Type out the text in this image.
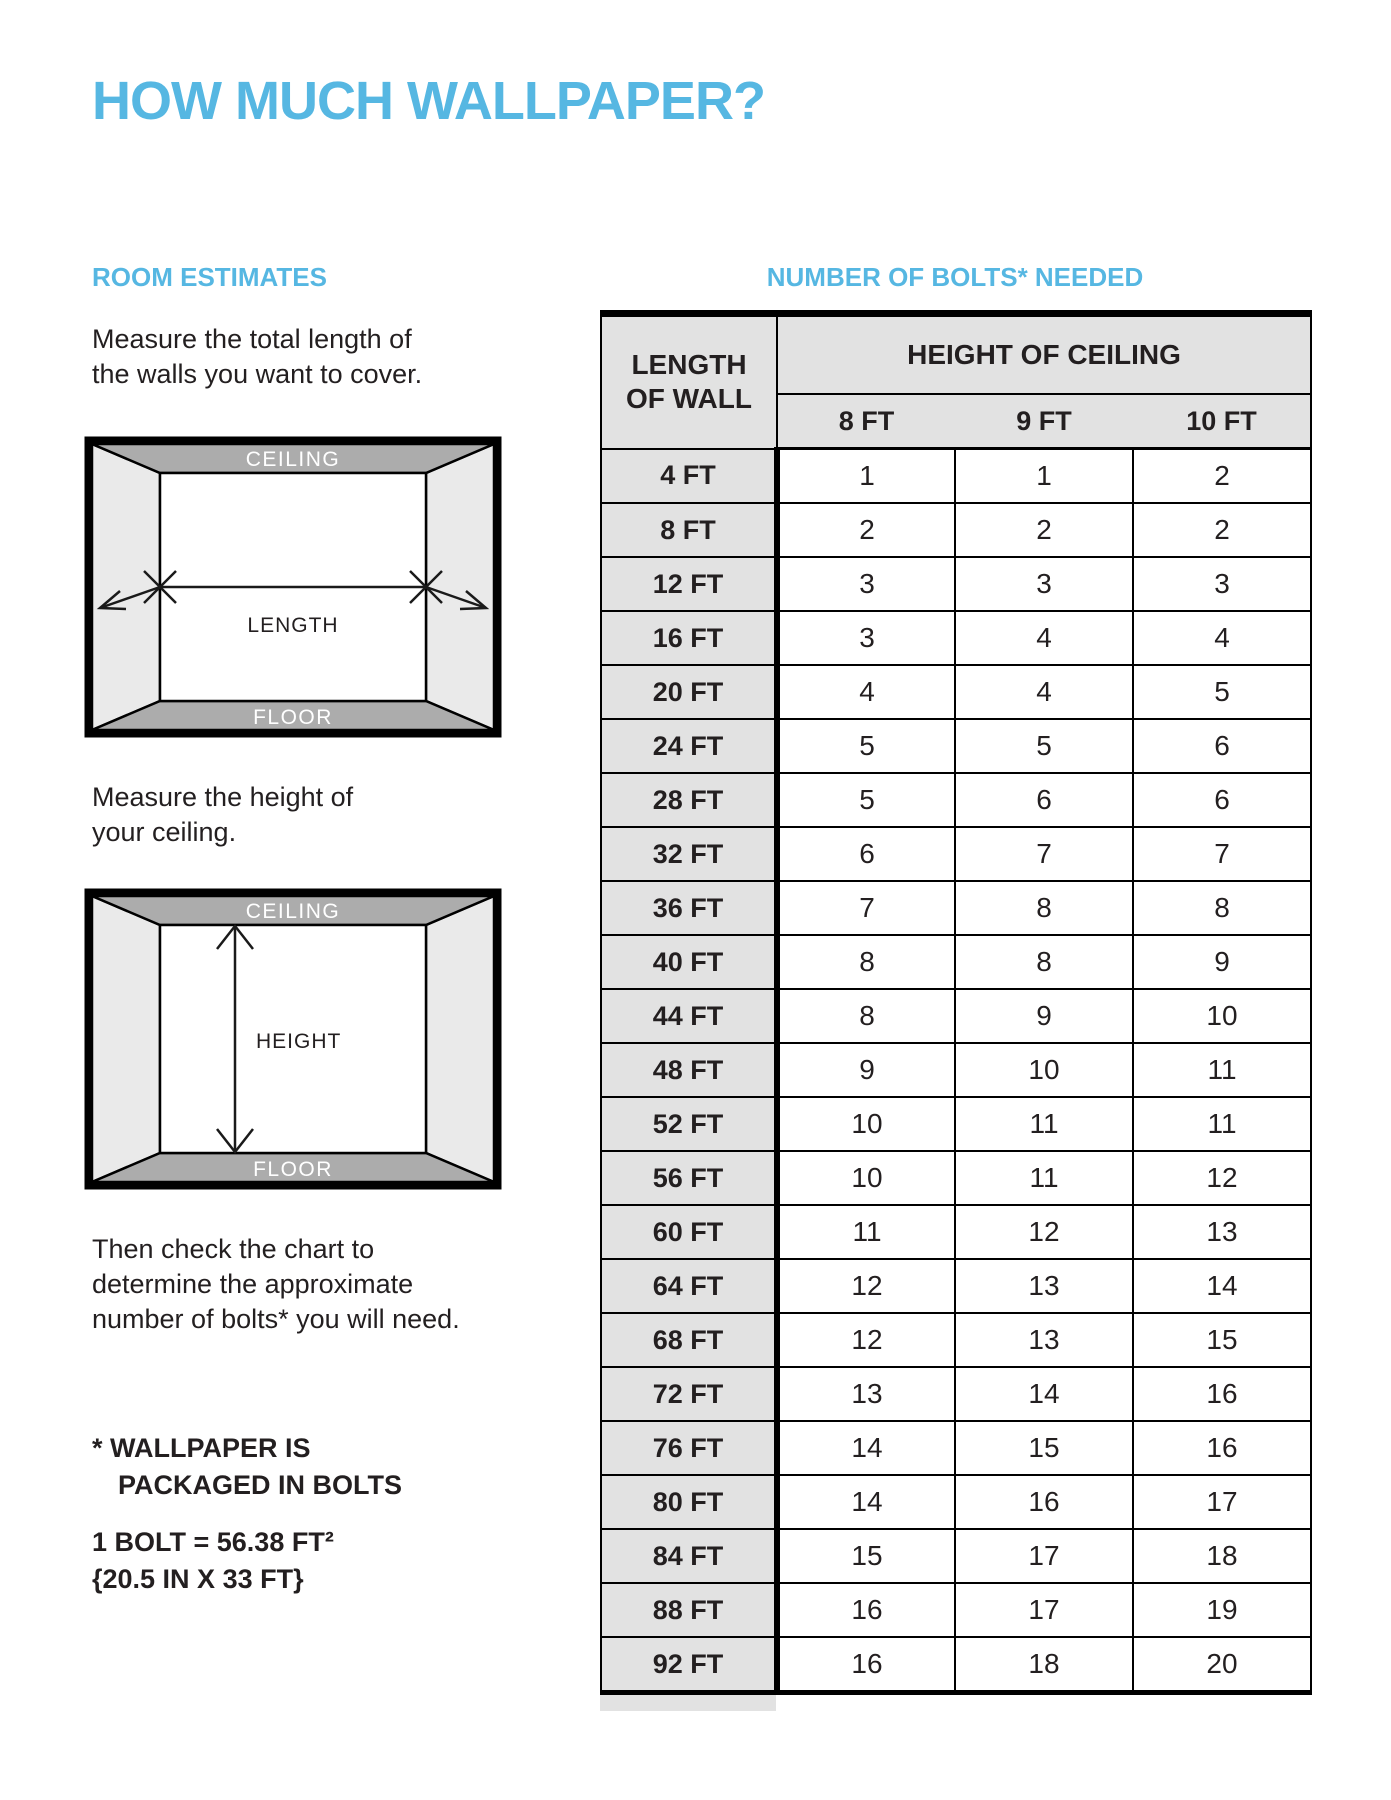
HOW MUCH WALLPAPER?
ROOM ESTIMATES

Measure the total length of
the walls you want to cover.

CEILING
FLOOR
LENGTH

Measure the height of
your ceiling.

CEILING
FLOOR
HEIGHT

Then check the chart to
determine the approximate
number of bolts* you will need.

* WALLPAPER IS
PACKAGED IN BOLTS

1 BOLT = 56.38 FT²
{20.5 IN X 33 FT}

NUMBER OF BOLTS* NEEDED
LENGTH
OF WALL	HEIGHT OF CEILING		
	8 FT	9 FT	10 FT
4 FT	1	1	2
8 FT	2	2	2
12 FT	3	3	3
16 FT	3	4	4
20 FT	4	4	5
24 FT	5	5	6
28 FT	5	6	6
32 FT	6	7	7
36 FT	7	8	8
40 FT	8	8	9
44 FT	8	9	10
48 FT	9	10	11
52 FT	10	11	11
56 FT	10	11	12
60 FT	11	12	13
64 FT	12	13	14
68 FT	12	13	15
72 FT	13	14	16
76 FT	14	15	16
80 FT	14	16	17
84 FT	15	17	18
88 FT	16	17	19
92 FT	16	18	20
